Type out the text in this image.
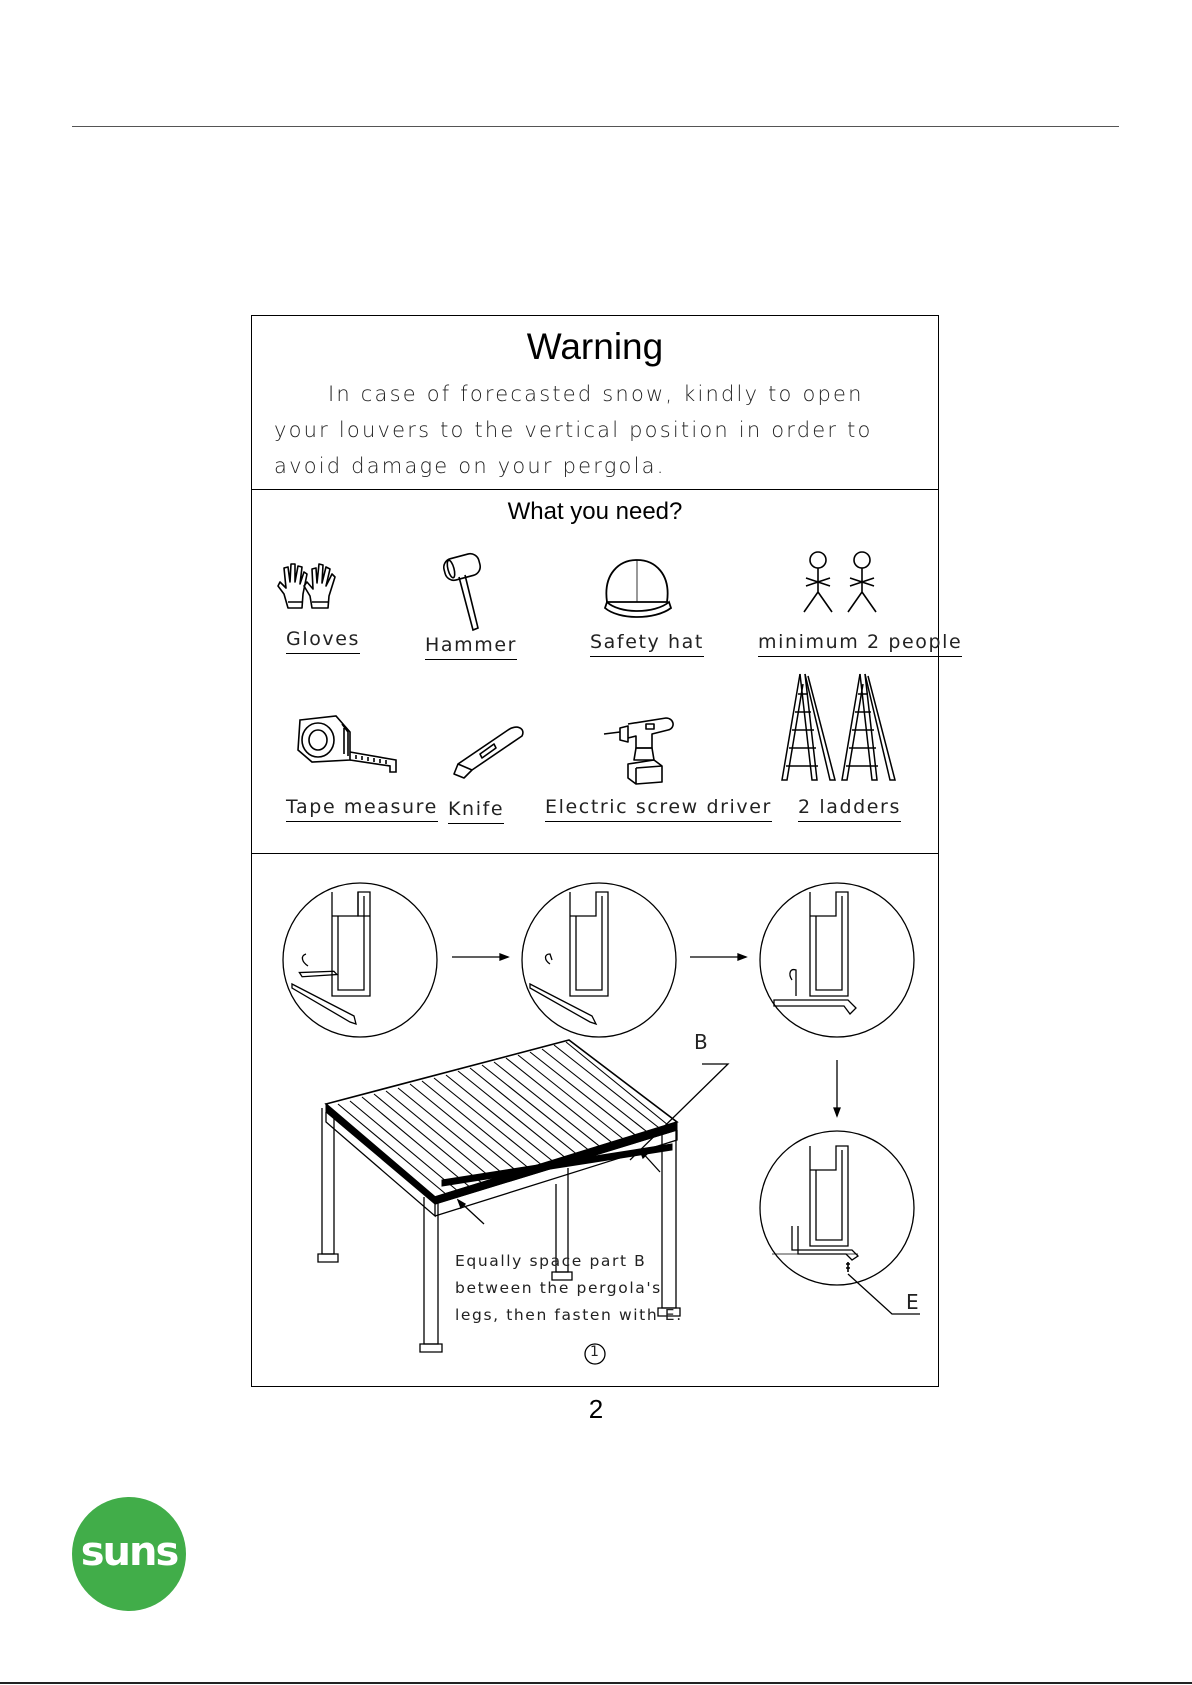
Warning
In case of forecasted snow, kindly to open your louvers to the vertical position in order to avoid damage on your pergola.
What you need?
Gloves	Hammer	Safety hat	minimum 2 people
Tape measure Knife Electric screw driver 2 ladders
B
E
1
Equally space part B
between the pergola's
legs, then fasten with E.
2
suns
